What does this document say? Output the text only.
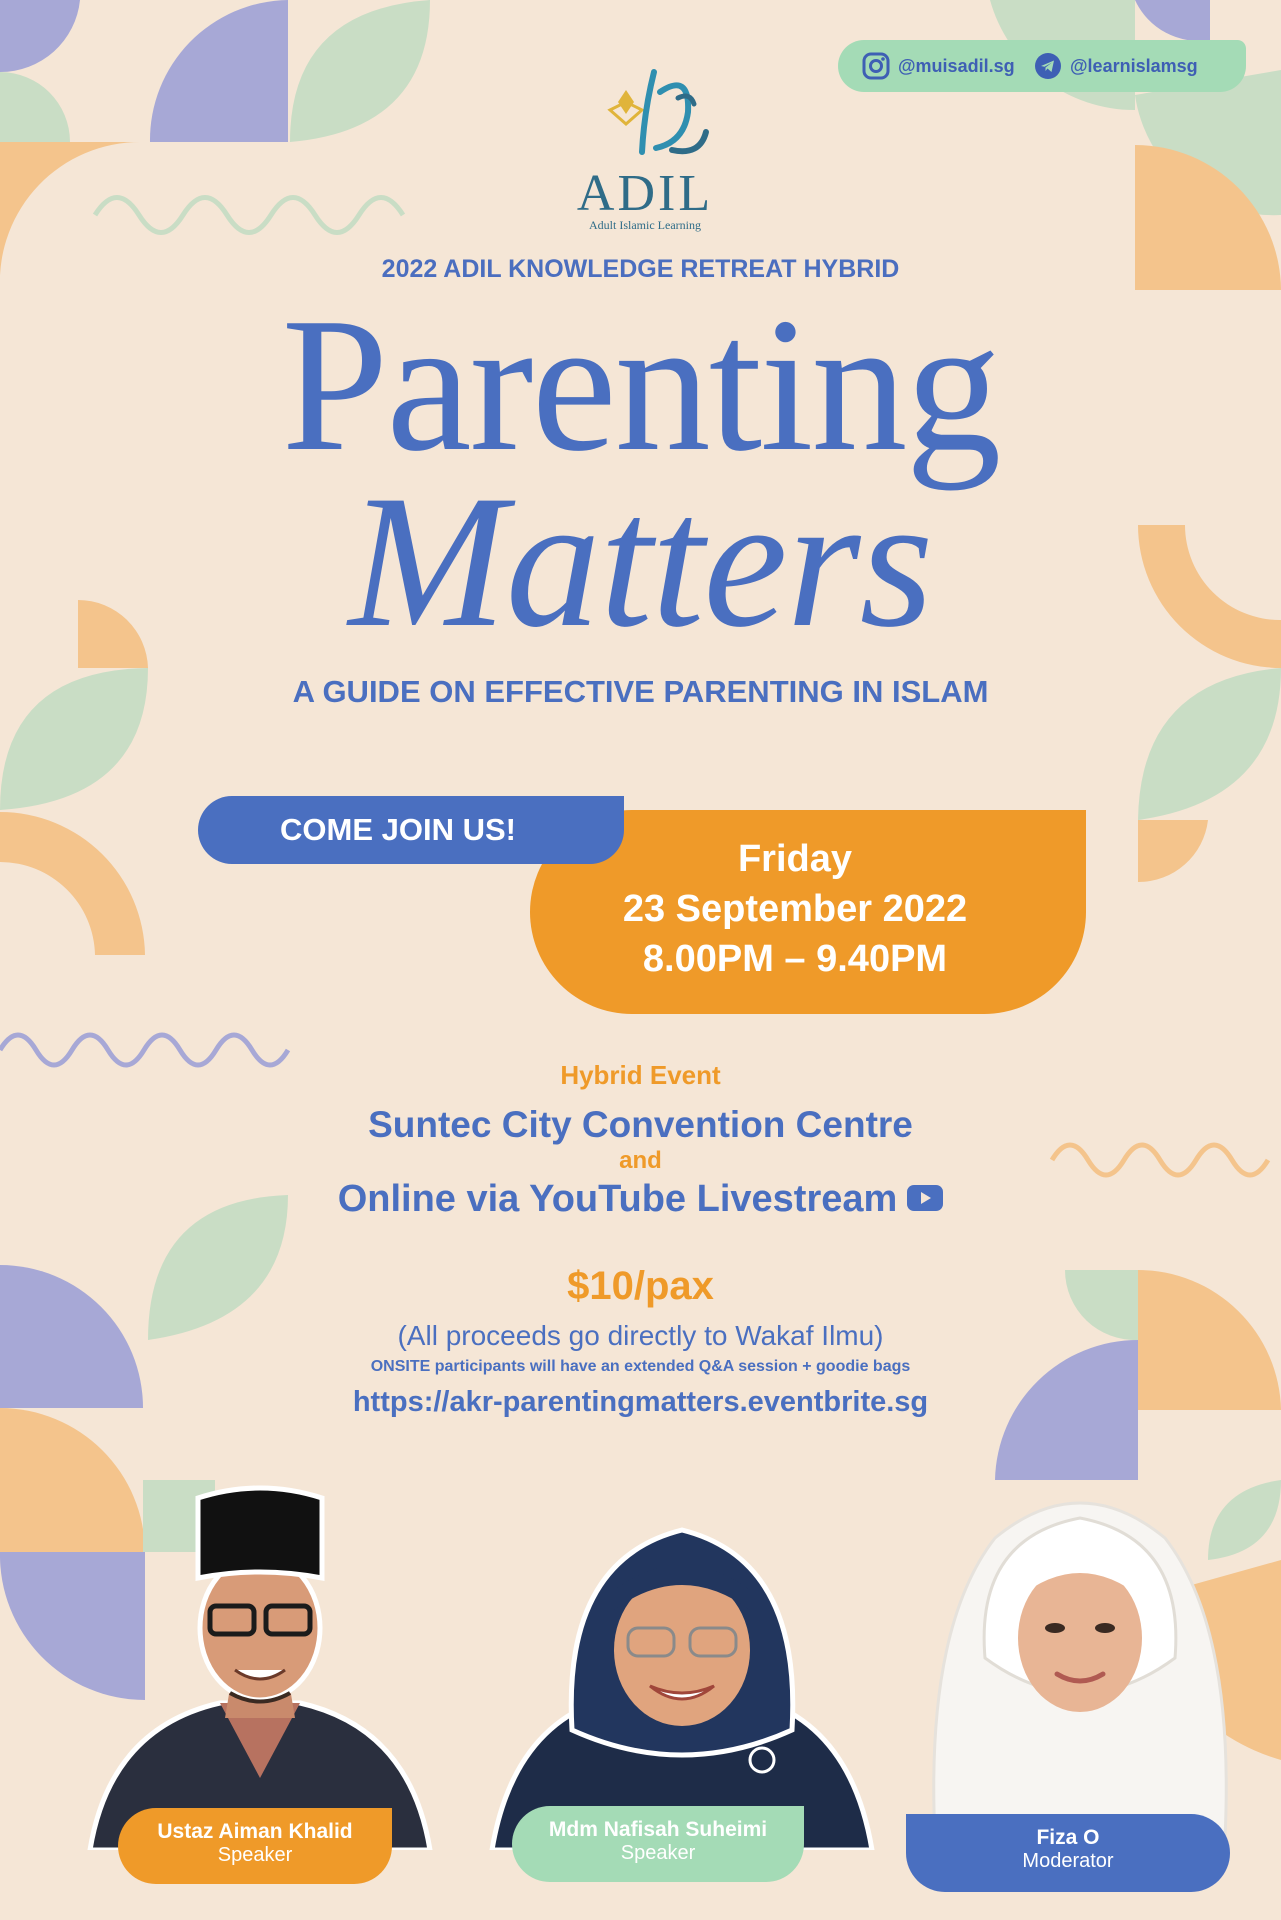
@muisadil.sg	@learnislamsg
ADIL
Adult Islamic Learning
2022 ADIL KNOWLEDGE RETREAT HYBRID
Parenting
Matters
A GUIDE ON EFFECTIVE PARENTING IN ISLAM
Friday
23 September 2022
8.00PM – 9.40PM
COME JOIN US!
Hybrid Event
Suntec City Convention Centre
and
Online via YouTube Livestream
$10/pax
(All proceeds go directly to Wakaf Ilmu)
ONSITE participants will have an extended Q&A session + goodie bags
https://akr-parentingmatters.eventbrite.sg
Ustaz Aiman Khalid
Speaker
Mdm Nafisah Suheimi
Speaker
Fiza O
Moderator
